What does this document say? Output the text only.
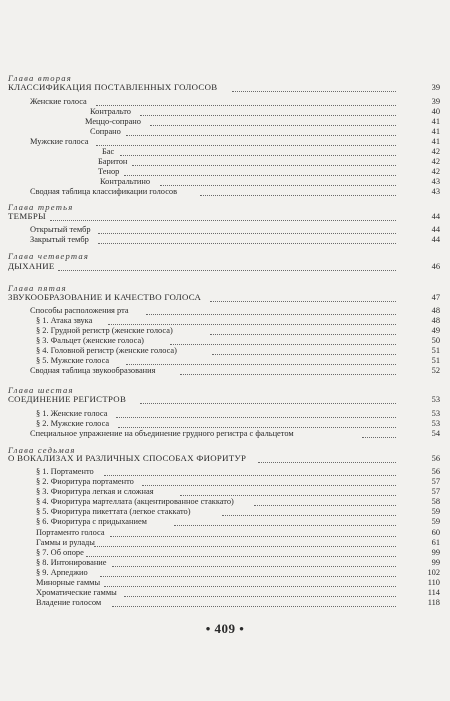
Глава вторая
КЛАССИФИКАЦИЯ ПОСТАВЛЕННЫХ ГОЛОСОВ	39
Женские голоса	39
Контральто	40
Меццо-сопрано	41
Сопрано	41
Мужские голоса	41
Бас	42
Баритон	42
Тенор	42
Контральтино	43
Сводная таблица классификации голосов	43
Глава третья
ТЕМБРЫ	44
Открытый тембр	44
Закрытый тембр	44
Глава четвертая
ДЫХАНИЕ	46
Глава пятая
ЗВУКООБРАЗОВАНИЕ И КАЧЕСТВО ГОЛОСА	47
Способы расположения рта	48
§ 1. Атака звука	48
§ 2. Грудной регистр (женские голоса)	49
§ 3. Фальцет (женские голоса)	50
§ 4. Головной регистр (женские голоса)	51
§ 5. Мужские голоса	51
Сводная таблица звукообразования	52
Глава шестая
СОЕДИНЕНИЕ РЕГИСТРОВ	53
§ 1. Женские голоса	53
§ 2. Мужские голоса	53
Специальное упражнение на объединение грудного регистра с фальцетом	54
Глава седьмая
О ВОКАЛИЗАХ И РАЗЛИЧНЫХ СПОСОБАХ ФИОРИТУР	56
§ 1. Портаменто	56
§ 2. Фиоритура портаменто	57
§ 3. Фиоритура легкая и сложная	57
§ 4. Фиоритура мартеллата (акцентированное стаккато)	58
§ 5. Фиоритура пикеттата (легкое стаккато)	59
§ 6. Фиоритура с придыханием	59
Портаменто голоса	60
Гаммы и рулады	61
§ 7. Об опоре	99
§ 8. Интонирование	99
§ 9. Арпеджио	102
Минорные гаммы	110
Хроматические гаммы	114
Владение голосом	118
• 409 •
